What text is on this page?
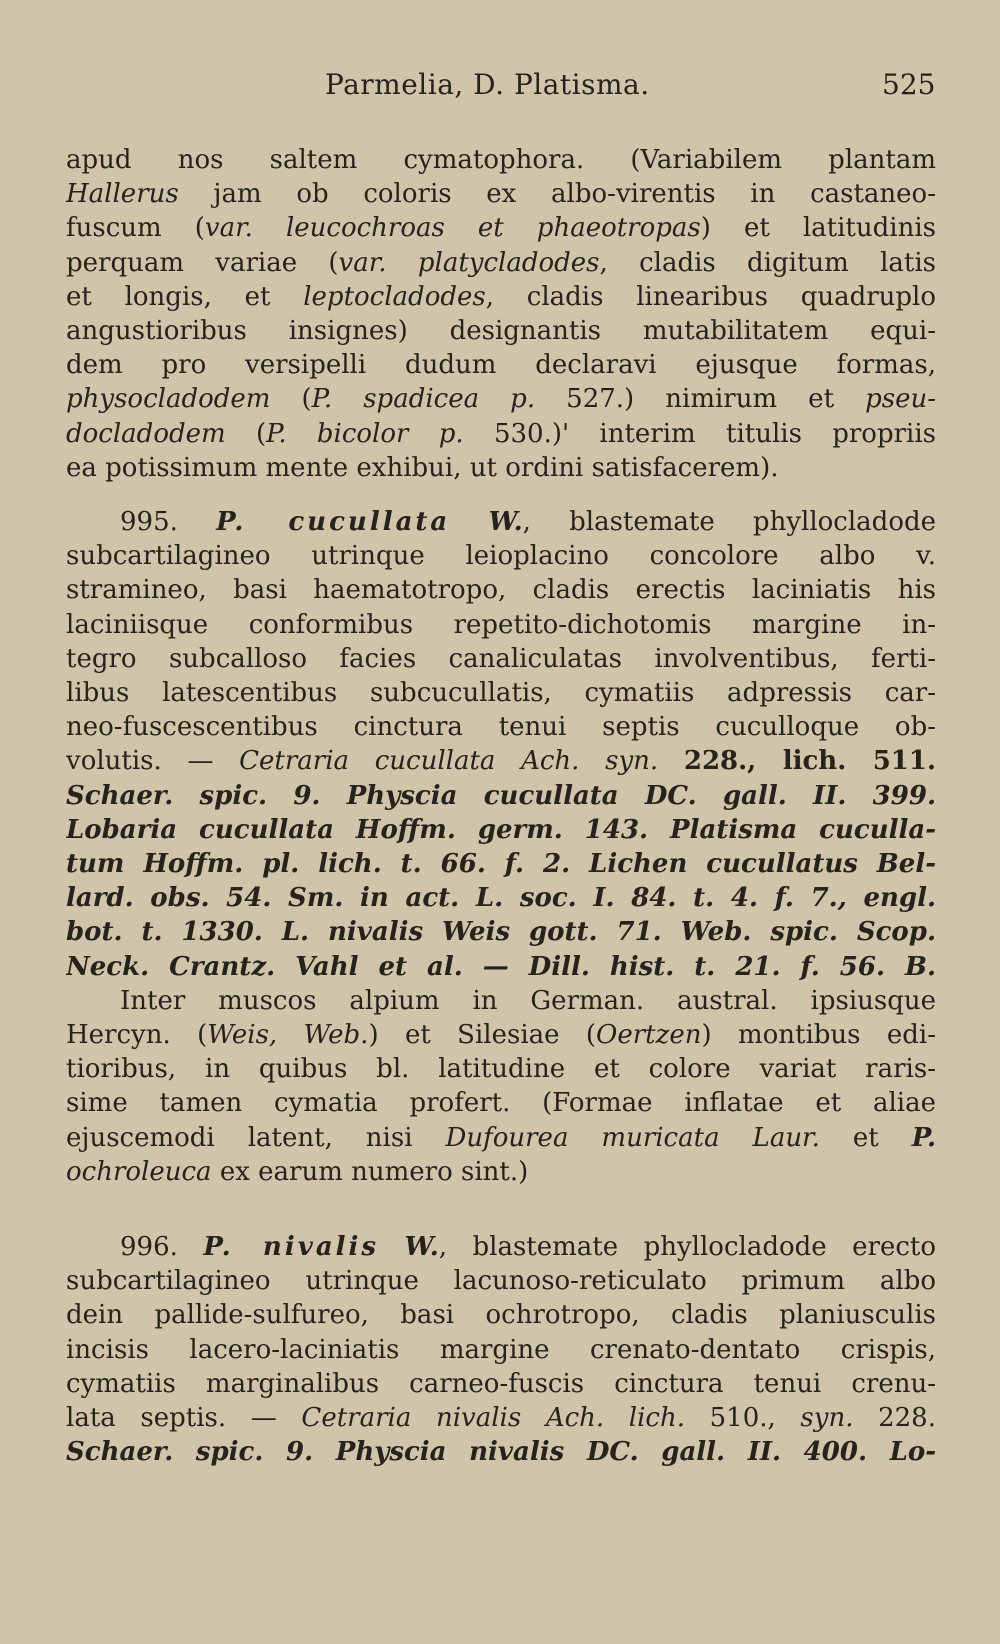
Parmelia, D. Platisma.	525
apud nos saltem cymatophora. (Variabilem plantam
Hallerus jam ob coloris ex albo-virentis in castaneo-
fuscum (var. leucochroas et phaeotropas) et latitudinis
perquam variae (var. platycladodes, cladis digitum latis
et longis, et leptocladodes, cladis linearibus quadruplo
angustioribus insignes) designantis mutabilitatem equi-
dem pro versipelli dudum declaravi ejusque formas,
physocladodem (P. spadicea p. 527.) nimirum et pseu-
docladodem (P. bicolor p. 530.)' interim titulis propriis
ea potissimum mente exhibui, ut ordini satisfacerem).
995. P. cucullata W., blastemate phyllocladode
subcartilagineo utrinque leioplacino concolore albo v.
stramineo, basi haematotropo, cladis erectis laciniatis his
laciniisque conformibus repetito-dichotomis margine in-
tegro subcalloso facies canaliculatas involventibus, ferti-
libus latescentibus subcucullatis, cymatiis adpressis car-
neo-fuscescentibus cinctura tenui septis cuculloque ob-
volutis. — Cetraria cucullata Ach. syn. 228., lich. 511.
Schaer. spic. 9. Physcia cucullata DC. gall. II. 399.
Lobaria cucullata Hoffm. germ. 143. Platisma cuculla-
tum Hoffm. pl. lich. t. 66. f. 2. Lichen cucullatus Bel-
lard. obs. 54. Sm. in act. L. soc. I. 84. t. 4. f. 7., engl.
bot. t. 1330. L. nivalis Weis gott. 71. Web. spic. Scop.
Neck. Crantz. Vahl et al. — Dill. hist. t. 21. f. 56. B.
Inter muscos alpium in German. austral. ipsiusque
Hercyn. (Weis, Web.) et Silesiae (Oertzen) montibus edi-
tioribus, in quibus bl. latitudine et colore variat raris-
sime tamen cymatia profert. (Formae inflatae et aliae
ejuscemodi latent, nisi Dufourea muricata Laur. et P.
ochroleuca ex earum numero sint.)
996. P. nivalis W., blastemate phyllocladode erecto
subcartilagineo utrinque lacunoso-reticulato primum albo
dein pallide-sulfureo, basi ochrotropo, cladis planiusculis
incisis lacero-laciniatis margine crenato-dentato crispis,
cymatiis marginalibus carneo-fuscis cinctura tenui crenu-
lata septis. — Cetraria nivalis Ach. lich. 510., syn. 228.
Schaer. spic. 9. Physcia nivalis DC. gall. II. 400. Lo-
